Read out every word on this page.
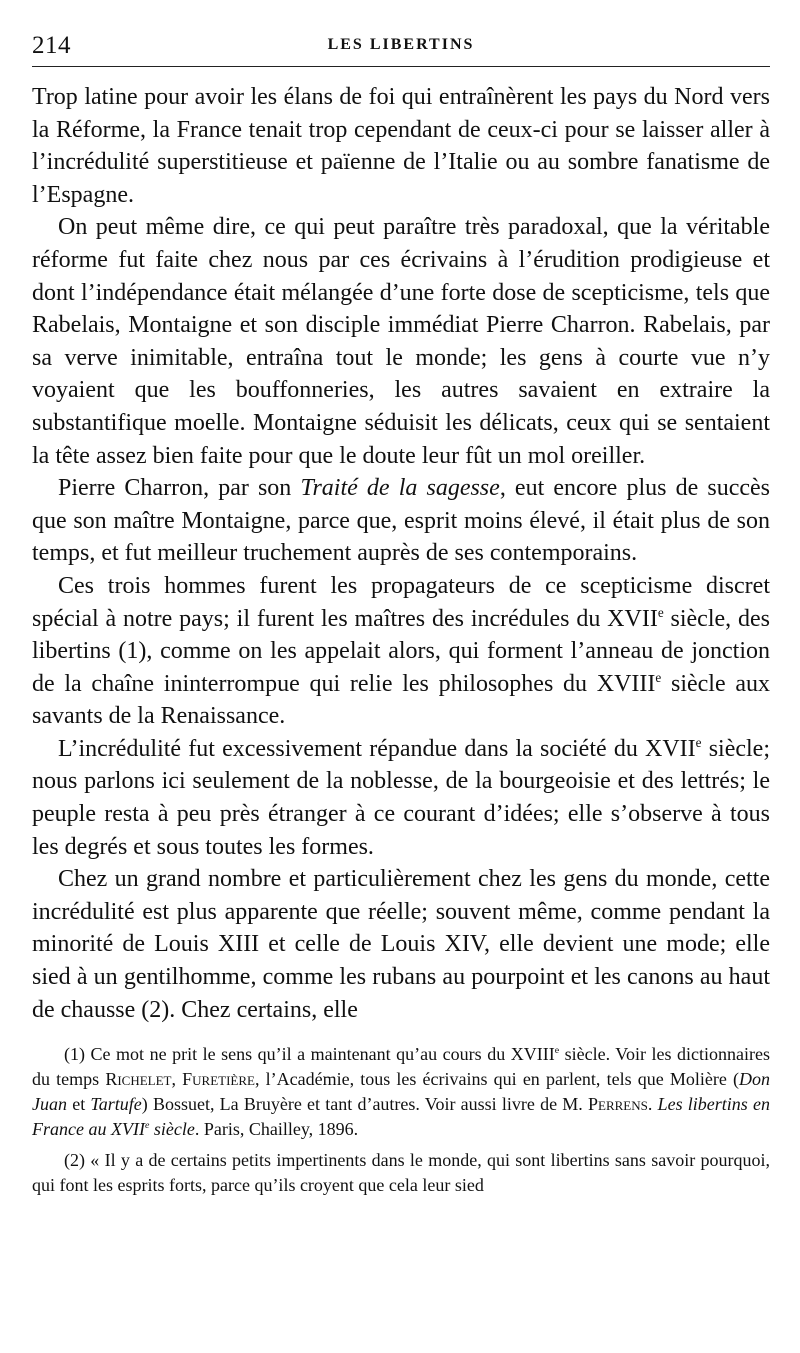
214	LES LIBERTINS

Trop latine pour avoir les élans de foi qui entraînèrent les pays du Nord vers la Réforme, la France tenait trop cependant de ceux-ci pour se laisser aller à l’incrédulité superstitieuse et païenne de l’Italie ou au sombre fanatisme de l’Espagne.

On peut même dire, ce qui peut paraître très paradoxal, que la véritable réforme fut faite chez nous par ces écrivains à l’érudition prodigieuse et dont l’indépendance était mélangée d’une forte dose de scepticisme, tels que Rabelais, Montaigne et son disciple immédiat Pierre Charron. Rabelais, par sa verve inimitable, entraîna tout le monde; les gens à courte vue n’y voyaient que les bouffonneries, les autres savaient en extraire la substantifique moelle. Montaigne séduisit les délicats, ceux qui se sentaient la tête assez bien faite pour que le doute leur fût un mol oreiller.

Pierre Charron, par son Traité de la sagesse, eut encore plus de succès que son maître Montaigne, parce que, esprit moins élevé, il était plus de son temps, et fut meilleur truchement auprès de ses contemporains.

Ces trois hommes furent les propagateurs de ce scepticisme discret spécial à notre pays; il furent les maîtres des incrédules du XVIIe siècle, des libertins (1), comme on les appelait alors, qui forment l’anneau de jonction de la chaîne ininterrompue qui relie les philosophes du XVIIIe siècle aux savants de la Renaissance.

L’incrédulité fut excessivement répandue dans la société du XVIIe siècle; nous parlons ici seulement de la noblesse, de la bourgeoisie et des lettrés; le peuple resta à peu près étranger à ce courant d’idées; elle s’observe à tous les degrés et sous toutes les formes.

Chez un grand nombre et particulièrement chez les gens du monde, cette incrédulité est plus apparente que réelle; souvent même, comme pendant la minorité de Louis XIII et celle de Louis XIV, elle devient une mode; elle sied à un gentilhomme, comme les rubans au pourpoint et les canons au haut de chausse (2). Chez certains, elle

(1) Ce mot ne prit le sens qu’il a maintenant qu’au cours du XVIIIe siècle. Voir les dictionnaires du temps Richelet, Furetière, l’Académie, tous les écrivains qui en parlent, tels que Molière (Don Juan et Tartufe) Bossuet, La Bruyère et tant d’autres. Voir aussi livre de M. Perrens. Les libertins en France au XVIIe siècle. Paris, Chailley, 1896.

(2) « Il y a de certains petits impertinents dans le monde, qui sont libertins sans savoir pourquoi, qui font les esprits forts, parce qu’ils croyent que cela leur sied
